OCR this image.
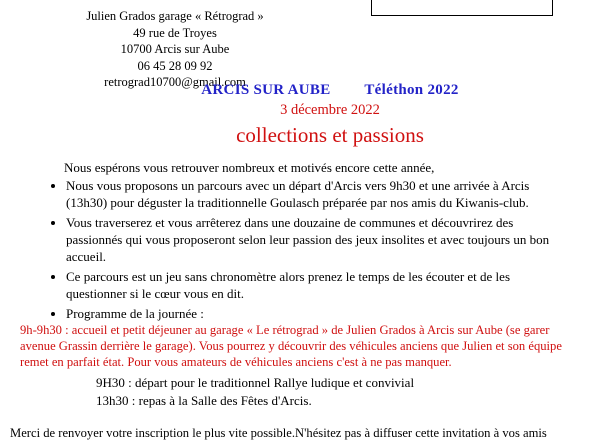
Julien Grados garage « Rétrograd »
49 rue de Troyes
10700 Arcis sur Aube
06 45 28 09 92
retrograd10700@gmail.com
ARCIS SUR AUBE Téléthon 2022
3 décembre 2022
collections et passions
Nous espérons vous retrouver nombreux et motivés encore cette année,
• Nous vous proposons un parcours avec un départ d'Arcis vers 9h30 et une arrivée à Arcis (13h30) pour déguster la traditionnelle Goulasch préparée par nos amis du Kiwanis-club.
• Vous traverserez et vous arrêterez dans une douzaine de communes et découvrirez des passionnés qui vous proposeront selon leur passion des jeux insolites et avec toujours un bon accueil.
• Ce parcours est un jeu sans chronomètre alors prenez le temps de les écouter et de les questionner si le cœur vous en dit.
• Programme de la journée :
9h-9h30 : accueil et petit déjeuner au garage « Le rétrograd » de Julien Grados à Arcis sur Aube (se garer avenue Grassin derrière le garage). Vous pourrez y découvrir des véhicules anciens que Julien et son équipe remet en parfait état. Pour vous amateurs de véhicules anciens c'est à ne pas manquer.
9H30 : départ pour le traditionnel Rallye ludique et convivial
13h30 : repas à la Salle des Fêtes d'Arcis.
Merci de renvoyer votre inscription le plus vite possible.N'hésitez pas à diffuser cette invitation à vos amis
